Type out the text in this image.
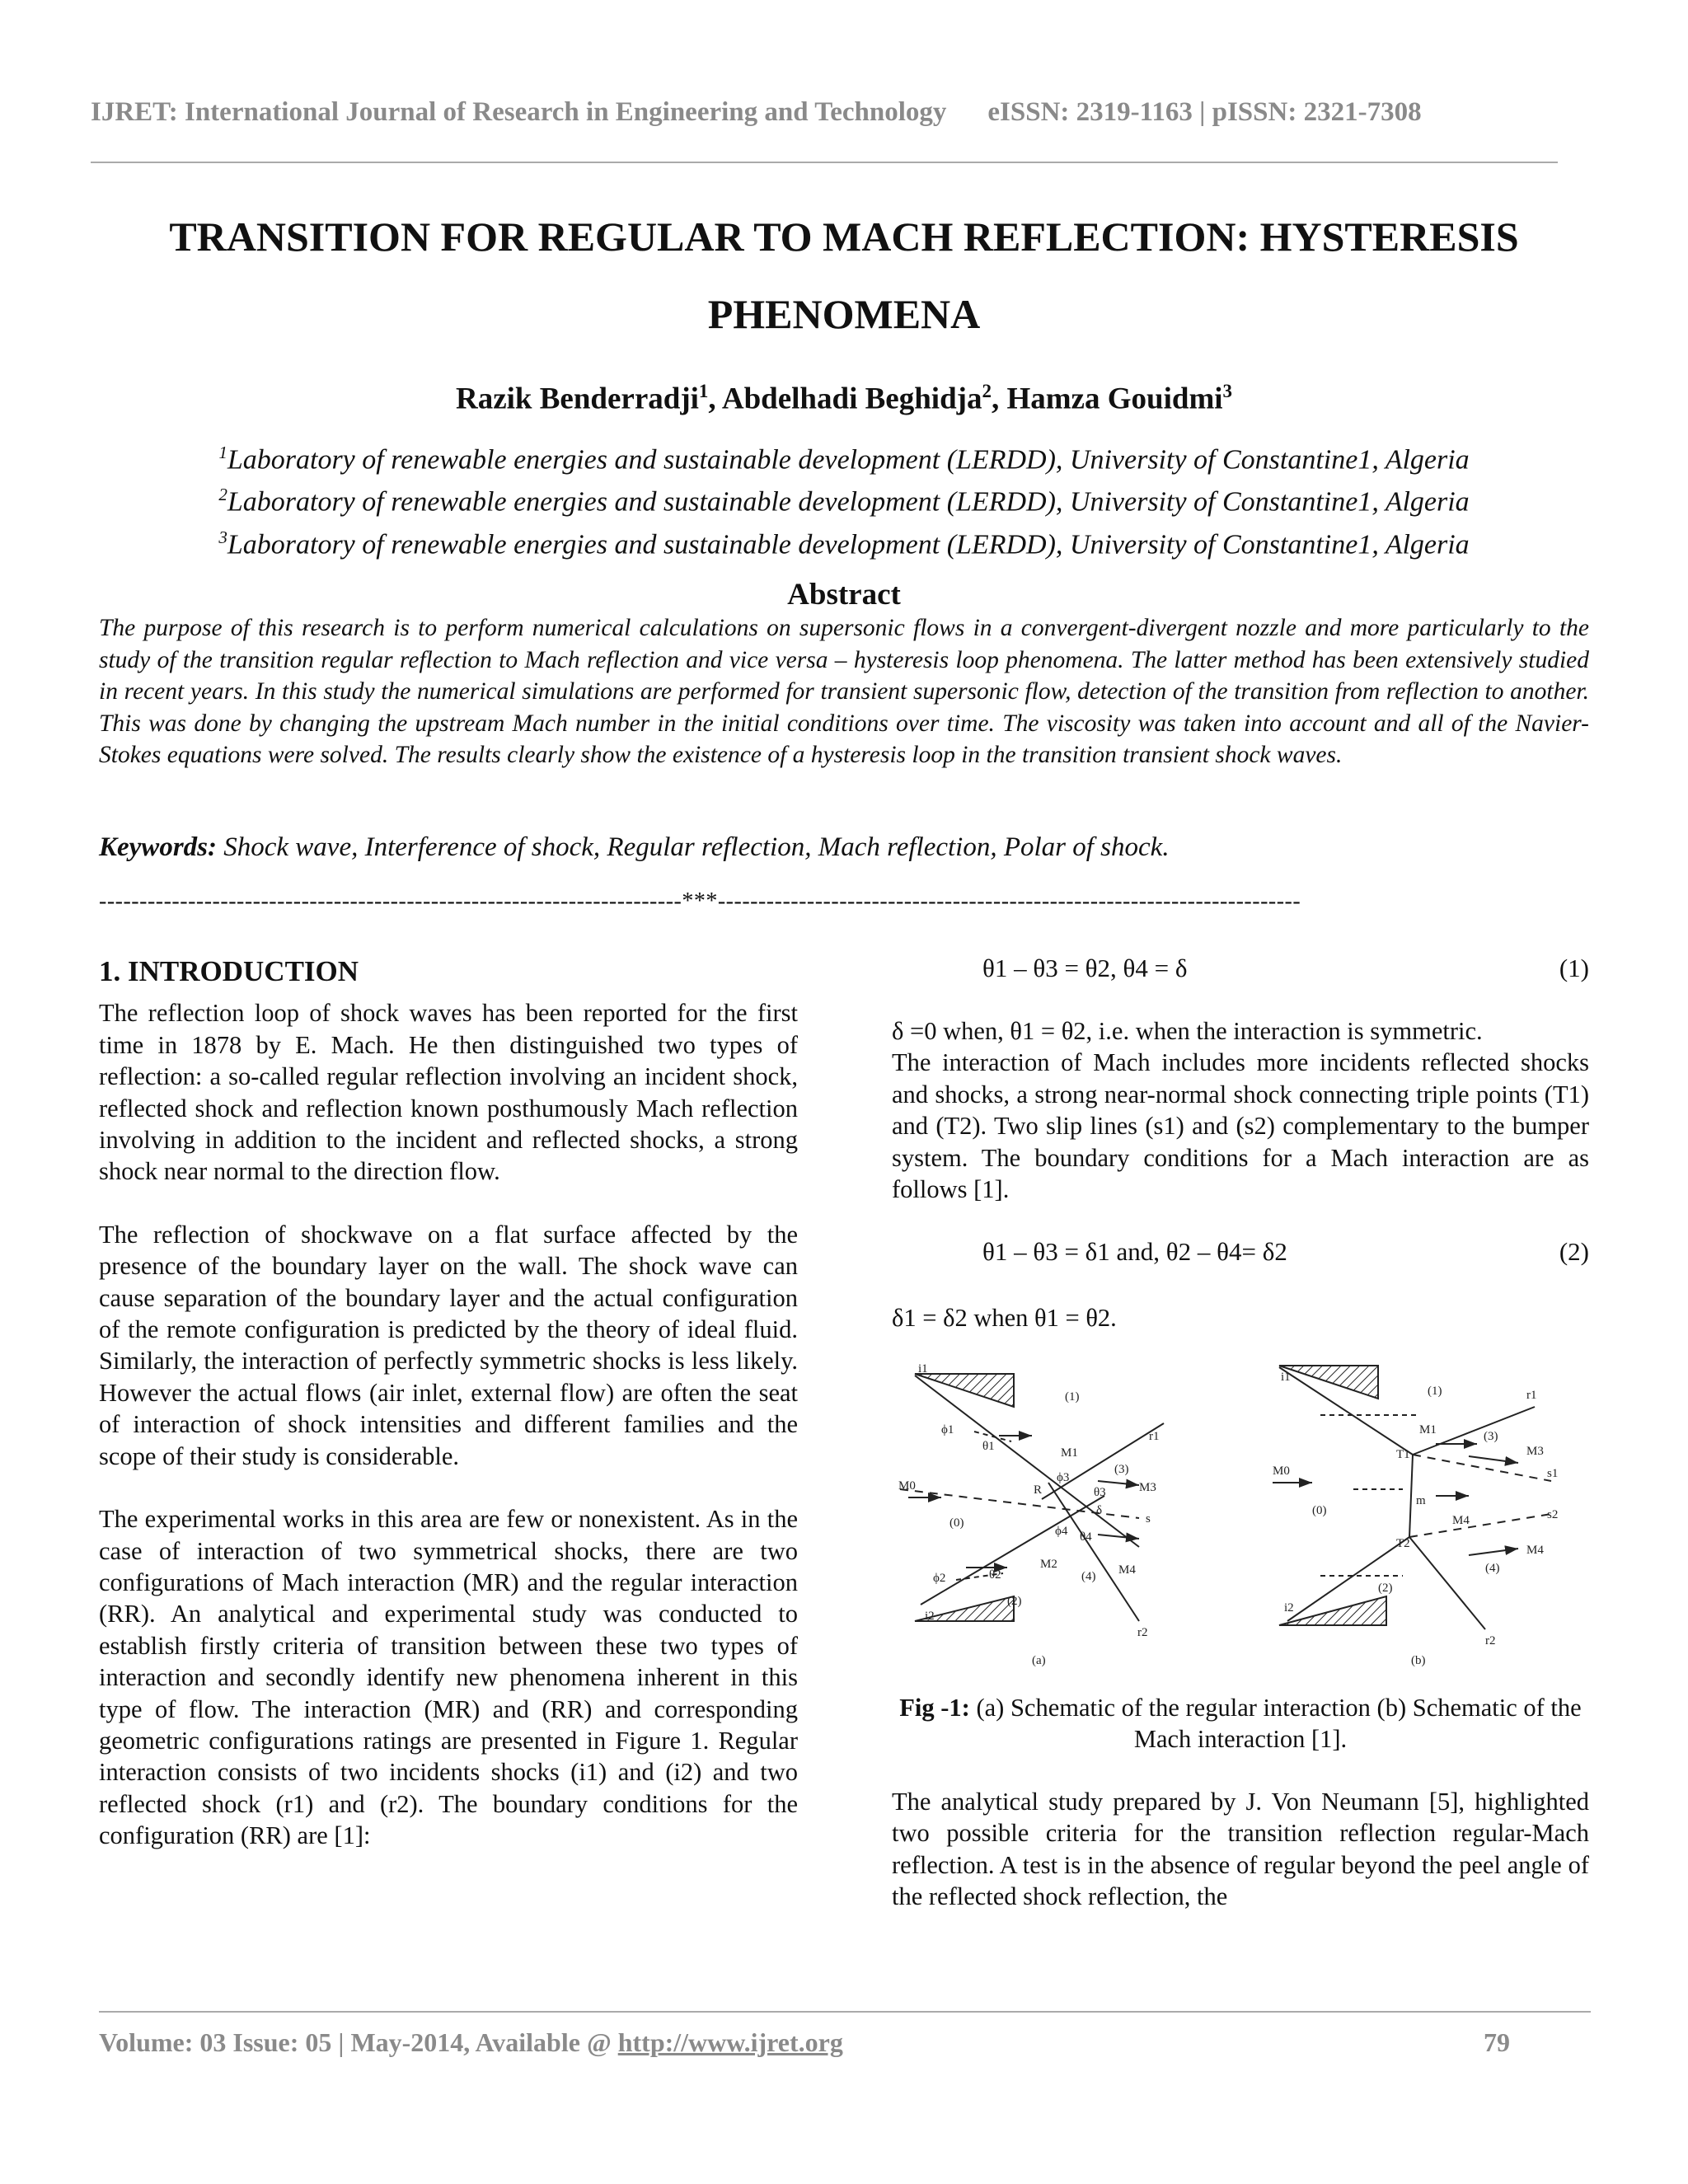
IJRET: International Journal of Research in Engineering and Technology eISSN: 2319-1163 | pISSN: 2321-7308
TRANSITION FOR REGULAR TO MACH REFLECTION: HYSTERESIS PHENOMENA
Razik Benderradji$^1$, Abdelhadi Beghidja$^2$, Hamza Gouidmi$^3$
$^1$Laboratory of renewable energies and sustainable development (LERDD), University of Constantine1, Algeria
$^2$Laboratory of renewable energies and sustainable development (LERDD), University of Constantine1, Algeria
$^3$Laboratory of renewable energies and sustainable development (LERDD), University of Constantine1, Algeria
Abstract
The purpose of this research is to perform numerical calculations on supersonic flows in a convergent-divergent nozzle and more particularly to the study of the transition regular reflection to Mach reflection and vice versa – hysteresis loop phenomena. The latter method has been extensively studied in recent years. In this study the numerical simulations are performed for transient supersonic flow, detection of the transition from reflection to another. This was done by changing the upstream Mach number in the initial conditions over time. The viscosity was taken into account and all of the Navier-Stokes equations were solved. The results clearly show the existence of a hysteresis loop in the transition transient shock waves.
Keywords: Shock wave, Interference of shock, Regular reflection, Mach reflection, Polar of shock.
------------------------------------------------------------------------***------------------------------------------------------------------------
1. INTRODUCTION

The reflection loop of shock waves has been reported for the first time in 1878 by E. Mach. He then distinguished two types of reflection: a so-called regular reflection involving an incident shock, reflected shock and reflection known posthumously Mach reflection involving in addition to the incident and reflected shocks, a strong shock near normal to the direction flow.

The reflection of shockwave on a flat surface affected by the presence of the boundary layer on the wall. The shock wave can cause separation of the boundary layer and the actual configuration of the remote configuration is predicted by the theory of ideal fluid. Similarly, the interaction of perfectly symmetric shocks is less likely. However the actual flows (air inlet, external flow) are often the seat of interaction of shock intensities and different families and the scope of their study is considerable.

The experimental works in this area are few or nonexistent. As in the case of interaction of two symmetrical shocks, there are two configurations of Mach interaction (MR) and the regular interaction (RR). An analytical and experimental study was conducted to establish firstly criteria of transition between these two types of interaction and secondly identify new phenomena inherent in this type of flow. The interaction (MR) and (RR) and corresponding geometric configurations ratings are presented in Figure 1. Regular interaction consists of two incidents shocks (i1) and (i2) and two reflected shock (r1) and (r2). The boundary conditions for the configuration (RR) are [1]:

θ1 – θ3 = θ2, θ4 = δ	(1)

δ =0 when, θ1 = θ2, i.e. when the interaction is symmetric.

The interaction of Mach includes more incidents reflected shocks and shocks, a strong near-normal shock connecting triple points (T1) and (T2). Two slip lines (s1) and (s2) complementary to the bumper system. The boundary conditions for a Mach interaction are as follows [1].

θ1 – θ3 = δ1 and, θ2 – θ4= δ2	(2)

δ1 = δ2 when θ1 = θ2.

i1
ϕ1
θ1
(1)
M1
r1
ϕ3
θ3
(3)
M3
M0	R
(0)
δ
s
ϕ4 θ4
ϕ2	θ2
M2
(4) M4
(2)
i2
r2
(a)
i1
(1)	r1
M1
T1
(3)
M3
s1
M0
(0)
m
M4	s2
T2
(4)
M4
i2
(2)
r2
(b)
Fig -1: (a) Schematic of the regular interaction (b) Schematic of the Mach interaction [1].

The analytical study prepared by J. Von Neumann [5], highlighted two possible criteria for the transition reflection regular-Mach reflection. A test is in the absence of regular beyond the peel angle of the reflected shock reflection, the

Volume: 03 Issue: 05 | May-2014, Available @ http://www.ijret.org	79
